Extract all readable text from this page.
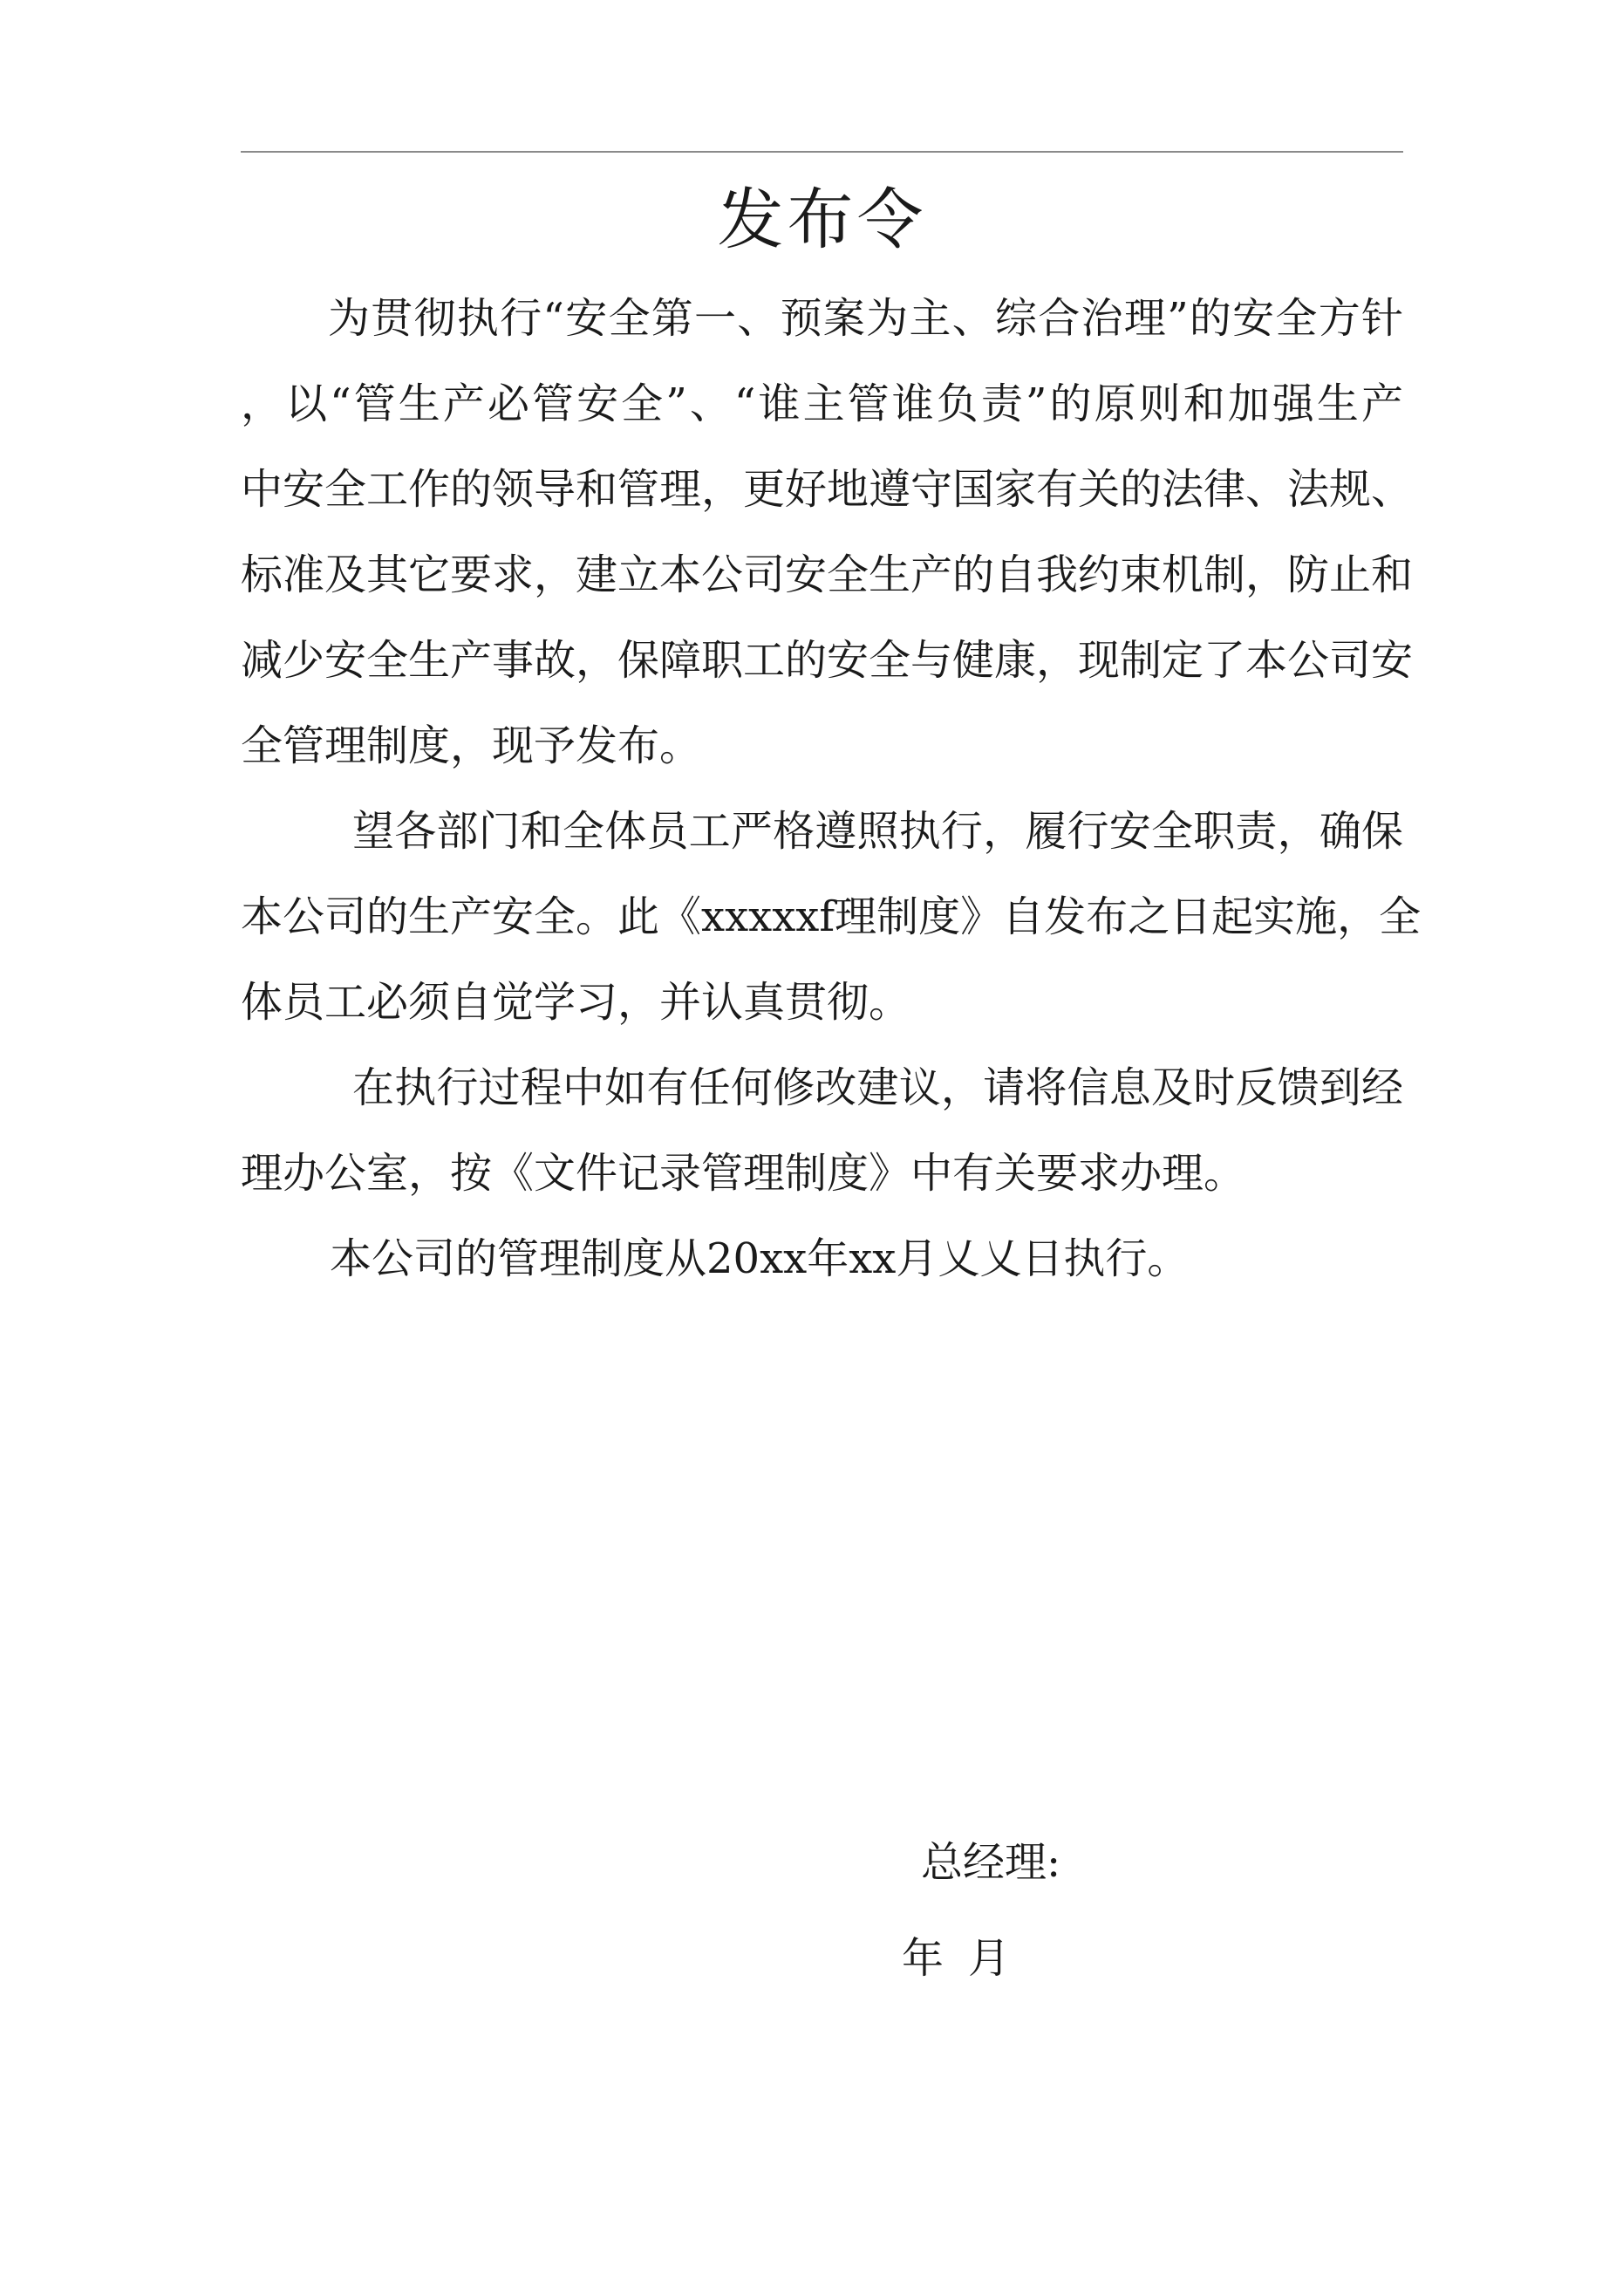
发布令
为贯彻执行“安全第一、预案为主、综合治理”的安全方针
，以“管生产必管安全”、“谁主管谁负责”的原则和加强生产
中安全工作的领导和管理，更好地遵守国家有关的法律、法规、
标准及其它要求，建立本公司安全生产的自我约束机制，防止和
减少安全生产事故，保障职工的安全与健康，现制定了本公司安
全管理制度，现予发布。
望各部门和全体员工严格遵照执行，履行安全职责，确保
本公司的生产安全。此《xxxxxf理制度》自发布之日起实施，全
体员工必须自觉学习，并认真贯彻。
在执行过程中如有任何修改建议，请将信息及时反馈到经
理办公室，按《文件记录管理制度》中有关要求办理。
本公司的管理制度从20xx年xx月乂乂日执行。
总经理:
年 月
